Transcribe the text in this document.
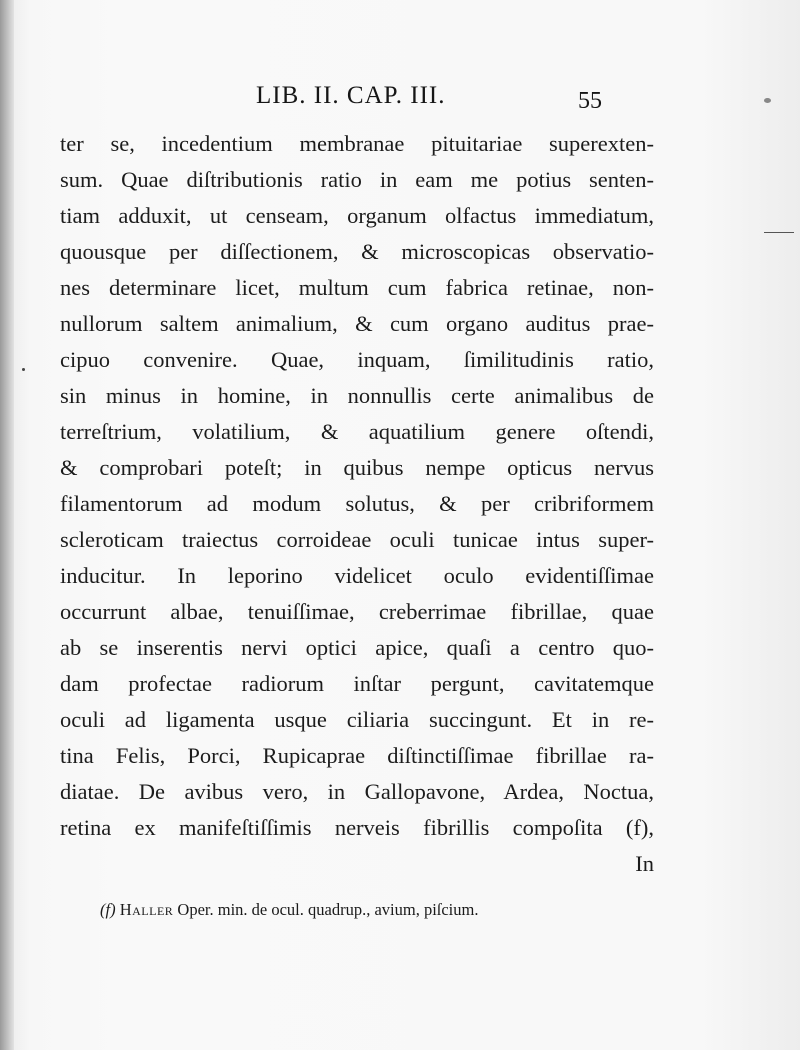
LIB. II. CAP. III.	55
ter se, incedentium membranae pituitariae superexten-
sum. Quae diſtributionis ratio in eam me potius senten-
tiam adduxit, ut censeam, organum olfactus immediatum,
quousque per diſſectionem, & microscopicas observatio-
nes determinare licet, multum cum fabrica retinae, non-
nullorum saltem animalium, & cum organo auditus prae-
cipuo convenire. Quae, inquam, ſimilitudinis ratio,
sin minus in homine, in nonnullis certe animalibus de
terreſtrium, volatilium, & aquatilium genere oſtendi,
& comprobari poteſt; in quibus nempe opticus nervus
filamentorum ad modum solutus, & per cribriformem
scleroticam traiectus corroideae oculi tunicae intus super-
inducitur. In leporino videlicet oculo evidentiſſimae
occurrunt albae, tenuiſſimae, creberrimae fibrillae, quae
ab se inserentis nervi optici apice, quaſi a centro quo-
dam profectae radiorum inſtar pergunt, cavitatemque
oculi ad ligamenta usque ciliaria succingunt. Et in re-
tina Felis, Porci, Rupicaprae diſtinctiſſimae fibrillae ra-
diatae. De avibus vero, in Gallopavone, Ardea, Noctua,
retina ex manifeſtiſſimis nerveis fibrillis compoſita (f),
In
(f) Haller Oper. min. de ocul. quadrup., avium, piſcium.
